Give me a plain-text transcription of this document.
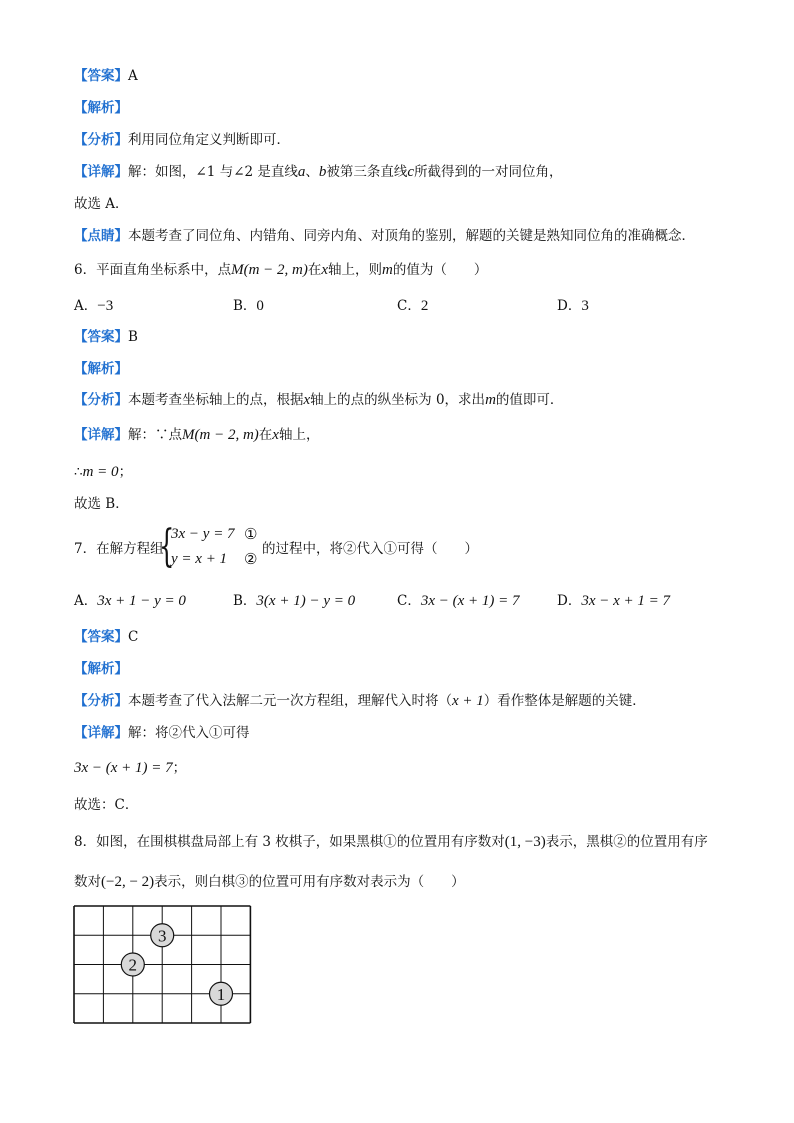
【答案】A
【解析】
【分析】利用同位角定义判断即可．
【详解】解：如图，∠1 与∠2 是直线a、b被第三条直线c所截得到的一对同位角，
故选 A．
【点睛】本题考查了同位角、内错角、同旁内角、对顶角的鉴别，解题的关键是熟知同位角的准确概念．
6．平面直角坐标系中，点M(m − 2, m)在x轴上，则m的值为（　　）
A．−3	B．0	C．2	D．3
【答案】B
【解析】
【分析】本题考查坐标轴上的点，根据x轴上的点的纵坐标为 0，求出m的值即可．
【详解】解：∵点M(m − 2, m)在x轴上，
∴m = 0；
故选 B．
7．在解方程组
{
3x − y = 7 ①
y = x + 1 ②
的过程中，将②代入①可得（　　）
A．3x + 1 − y = 0	B．3(x + 1) − y = 0	C．3x − (x + 1) = 7	D．3x − x + 1 = 7
【答案】C
【解析】
【分析】本题考查了代入法解二元一次方程组，理解代入时将（x + 1）看作整体是解题的关键．
【详解】解：将②代入①可得
3x − (x + 1) = 7；
故选：C．
8．如图，在围棋棋盘局部上有 3 枚棋子，如果黑棋①的位置用有序数对(1, −3)表示，黑棋②的位置用有序
数对(−2, − 2)表示，则白棋③的位置可用有序数对表示为（　　）
3
2
1
